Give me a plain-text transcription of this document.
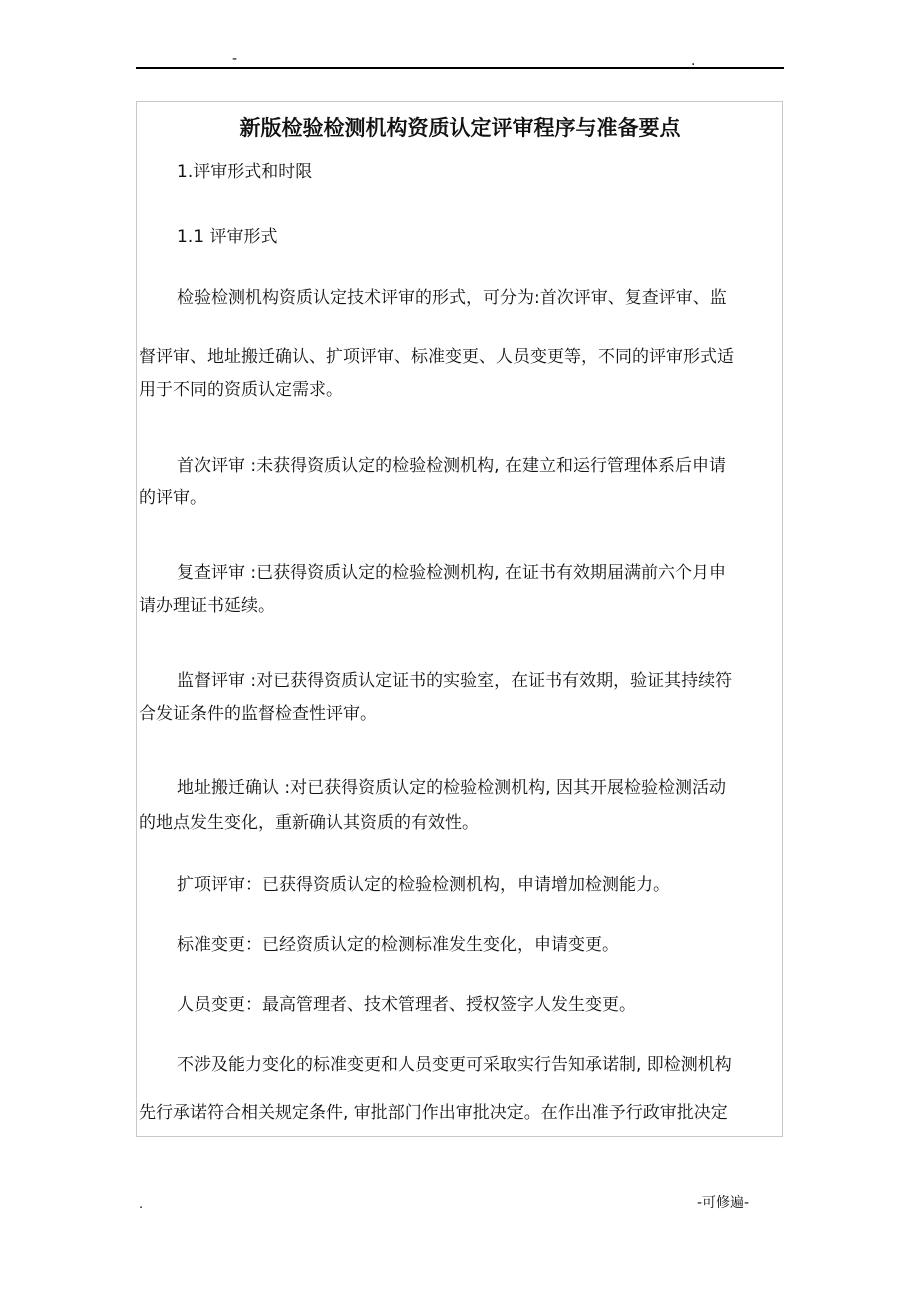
-	.
新版检验检测机构资质认定评审程序与准备要点

1.评审形式和时限

1.1 评审形式

检验检测机构资质认定技术评审的形式，可分为:首次评审、复查评审、监

督评审、地址搬迁确认、扩项评审、标准变更、人员变更等，不同的评审形式适

用于不同的资质认定需求。

首次评审 :未获得资质认定的检验检测机构, 在建立和运行管理体系后申请

的评审。

复查评审 :已获得资质认定的检验检测机构, 在证书有效期届满前六个月申

请办理证书延续。

监督评审 :对已获得资质认定证书的实验室，在证书有效期，验证其持续符

合发证条件的监督检查性评审。

地址搬迁确认 :对已获得资质认定的检验检测机构, 因其开展检验检测活动

的地点发生变化，重新确认其资质的有效性。

扩项评审：已获得资质认定的检验检测机构，申请增加检测能力。

标准变更：已经资质认定的检测标准发生变化，申请变更。

人员变更：最高管理者、技术管理者、授权签字人发生变更。

不涉及能力变化的标准变更和人员变更可采取实行告知承诺制, 即检测机构

先行承诺符合相关规定条件, 审批部门作出审批决定。在作出准予行政审批决定

.	-可修遍-
